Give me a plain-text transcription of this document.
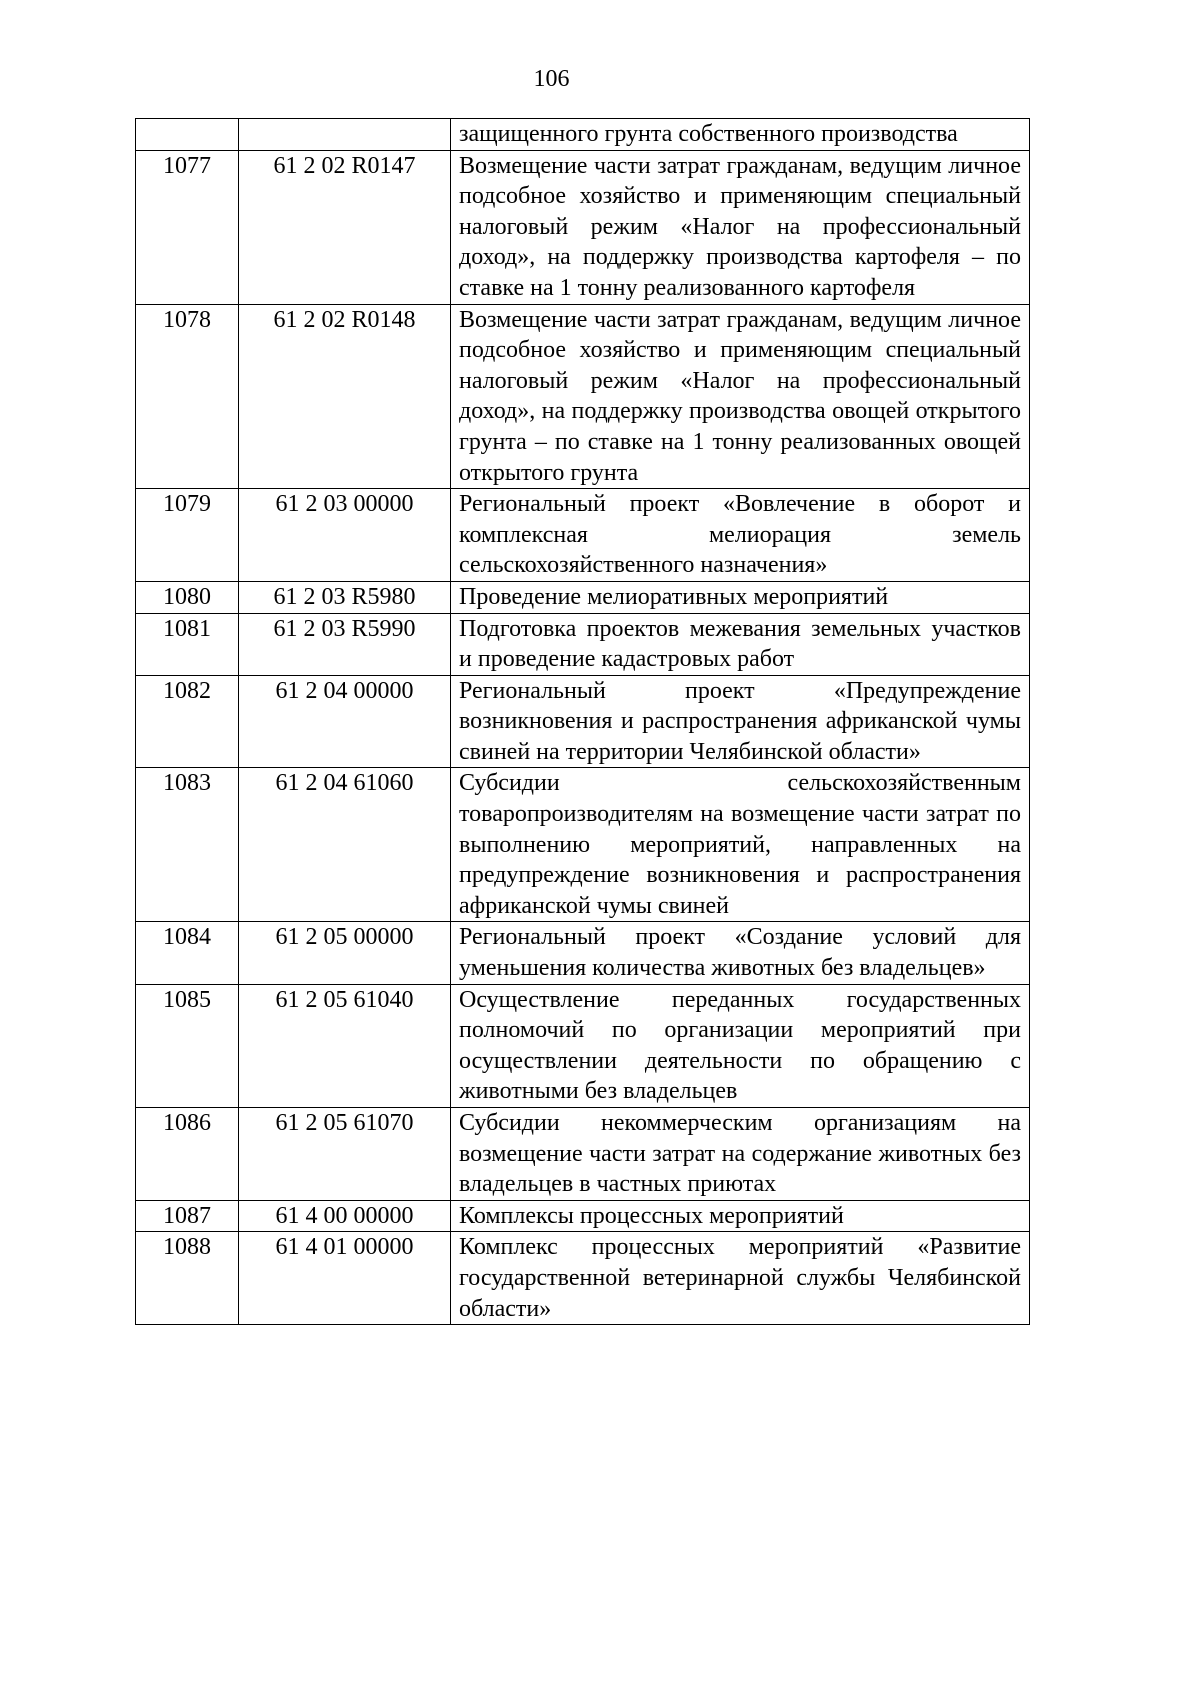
106
		защищенного грунта собственного производства
1077	61 2 02 R0147	Возмещение части затрат гражданам, ведущим личное подсобное хозяйство и применяющим специальный налоговый режим «Налог на профессиональный доход», на поддержку производства картофеля – по ставке на 1 тонну реализованного картофеля
1078	61 2 02 R0148	Возмещение части затрат гражданам, ведущим личное подсобное хозяйство и применяющим специальный налоговый режим «Налог на профессиональный доход», на поддержку производства овощей открытого грунта – по ставке на 1 тонну реализованных овощей открытого грунта
1079	61 2 03 00000	Региональный проект «Вовлечение в оборот и комплексная мелиорация земель сельскохозяйственного назначения»
1080	61 2 03 R5980	Проведение мелиоративных мероприятий
1081	61 2 03 R5990	Подготовка проектов межевания земельных участков и проведение кадастровых работ
1082	61 2 04 00000	Региональный проект «Предупреждение возникновения и распространения африканской чумы свиней на территории Челябинской области»
1083	61 2 04 61060	Субсидии сельскохозяйственным товаропроизводителям на возмещение части затрат по выполнению мероприятий, направленных на предупреждение возникновения и распространения африканской чумы свиней
1084	61 2 05 00000	Региональный проект «Создание условий для уменьшения количества животных без владельцев»
1085	61 2 05 61040	Осуществление переданных государственных полномочий по организации мероприятий при осуществлении деятельности по обращению с животными без владельцев
1086	61 2 05 61070	Субсидии некоммерческим организациям на возмещение части затрат на содержание животных без владельцев в частных приютах
1087	61 4 00 00000	Комплексы процессных мероприятий
1088	61 4 01 00000	Комплекс процессных мероприятий «Развитие государственной ветеринарной службы Челябинской области»
